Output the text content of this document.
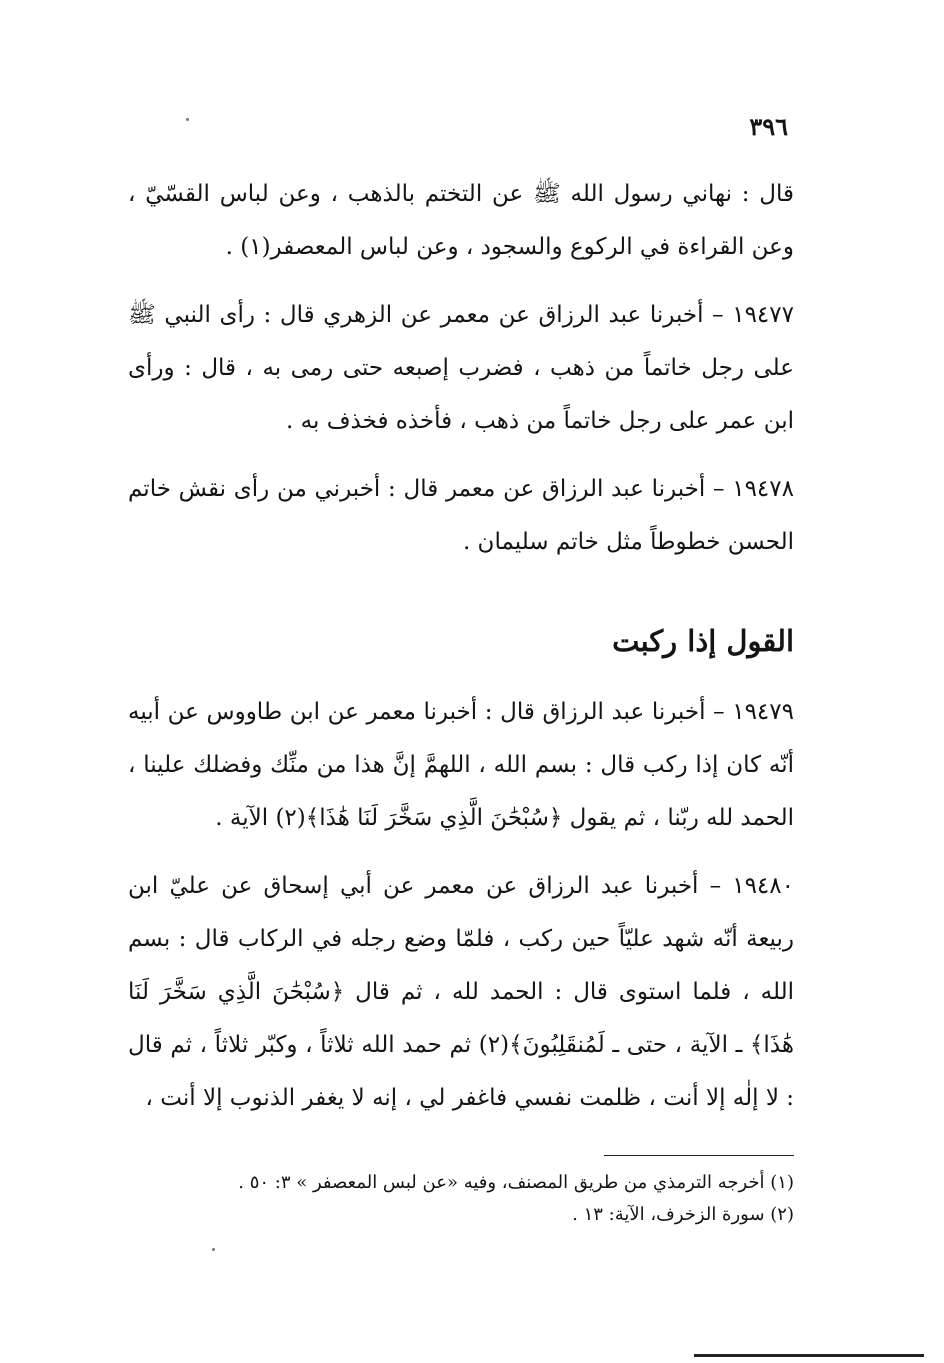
٣٩٦

قال : نهاني رسول الله ﷺ عن التختم بالذهب ، وعن لباس القسّيّ ، وعن القراءة في الركوع والسجود ، وعن لباس المعصفر(١) .

١٩٤٧٧ – أخبرنا عبد الرزاق عن معمر عن الزهري قال : رأى النبي ﷺ على رجل خاتماً من ذهب ، فضرب إصبعه حتى رمى به ، قال : ورأى ابن عمر على رجل خاتماً من ذهب ، فأخذه فخذف به .

١٩٤٧٨ – أخبرنا عبد الرزاق عن معمر قال : أخبرني من رأى نقش خاتم الحسن خطوطاً مثل خاتم سليمان .

القول إذا ركبت

١٩٤٧٩ – أخبرنا عبد الرزاق قال : أخبرنا معمر عن ابن طاووس عن أبيه أنّه كان إذا ركب قال : بسم الله ، اللهمَّ إنَّ هذا من منِّك وفضلك علينا ، الحمد لله ربّنا ، ثم يقول ﴿سُبْحَٰنَ الَّذِي سَخَّرَ لَنَا هَٰذَا﴾(٢) الآية .

١٩٤٨٠ – أخبرنا عبد الرزاق عن معمر عن أبي إسحاق عن عليّ ابن ربيعة أنّه شهد عليّاً حين ركب ، فلمّا وضع رجله في الركاب قال : بسم الله ، فلما استوى قال : الحمد لله ، ثم قال ﴿سُبْحَٰنَ الَّذِي سَخَّرَ لَنَا هَٰذَا﴾ ـ الآية ، حتى ـ لَمُنقَلِبُونَ﴾(٢) ثم حمد الله ثلاثاً ، وكبّر ثلاثاً ، ثم قال : لا إلٰه إلا أنت ، ظلمت نفسي فاغفر لي ، إنه لا يغفر الذنوب إلا أنت ،

(١) أخرجه الترمذي من طريق المصنف، وفيه «عن لبس المعصفر » ٣: ٥٠ .

(٢) سورة الزخرف، الآية: ١٣ .
